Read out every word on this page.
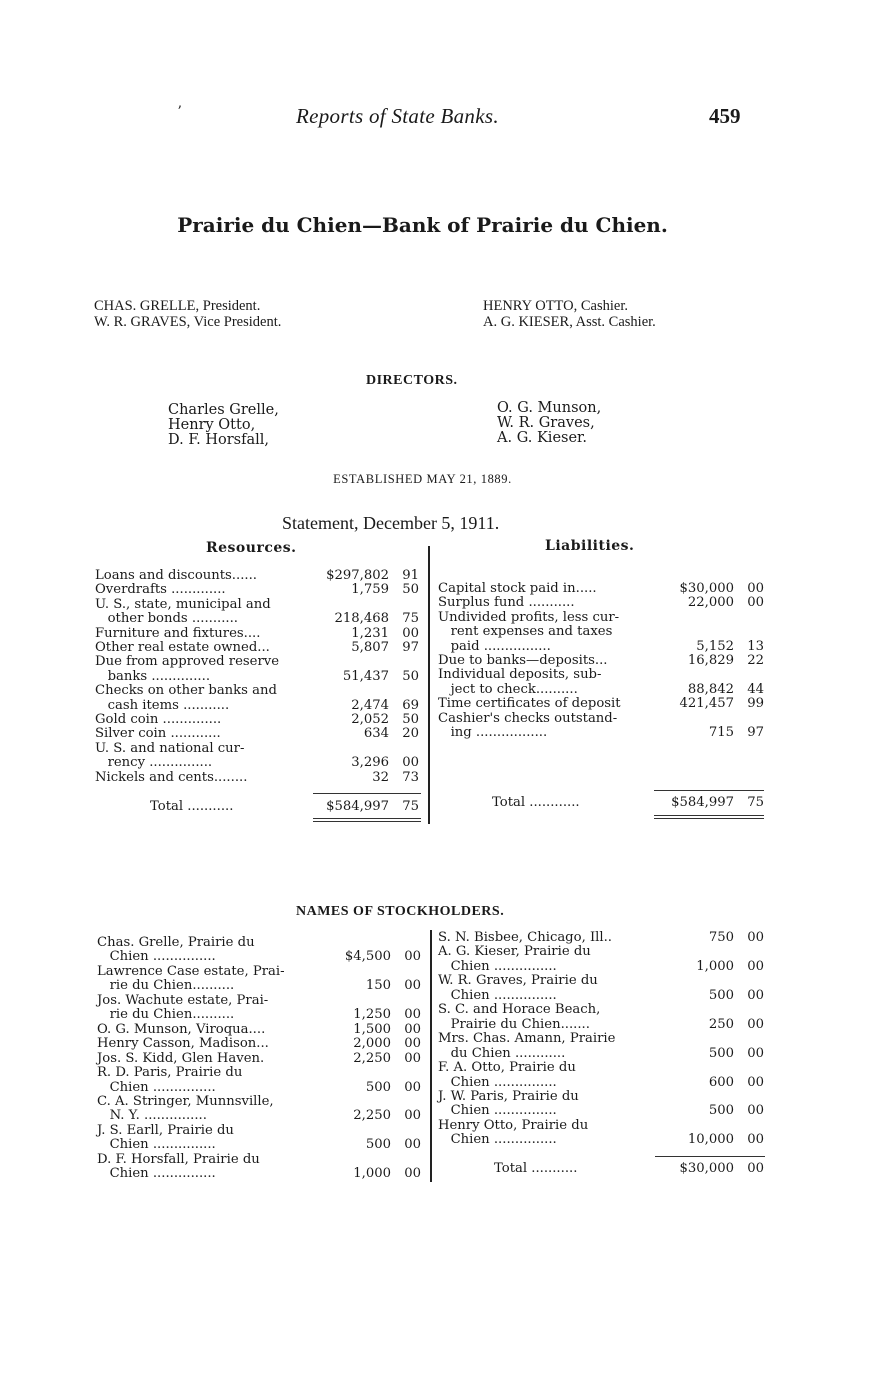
Reports of State Banks.	459
ʼ
Prairie du Chien—Bank of Prairie du Chien.
CHAS. GRELLE, President.
W. R. GRAVES, Vice President.
HENRY OTTO, Cashier.
A. G. KIESER, Asst. Cashier.
DIRECTORS.
Charles Grelle,
Henry Otto,
D. F. Horsfall,
O. G. Munson,
W. R. Graves,
A. G. Kieser.
ESTABLISHED MAY 21, 1889.
Statement, December 5, 1911.
Resources.	Liabilities.
Loans and discounts......	$297,802 91
Overdrafts .............	1,759 50
U. S., state, municipal and
other bonds ...........	218,468 75
Furniture and fixtures....	1,231 00
Other real estate owned...	5,807 97
Due from approved reserve
banks ..............	51,437 50
Checks on other banks and
cash items ...........	2,474 69
Gold coin ..............	2,052 50
Silver coin ............	634 20
U. S. and national cur-
rency ...............	3,296 00
Nickels and cents........	32 73
Total ...........	$584,997 75
Capital stock paid in.....	$30,000 00
Surplus fund ...........	22,000 00
Undivided profits, less cur-
rent expenses and taxes
paid ................	5,152 13
Due to banks—deposits...	16,829 22
Individual deposits, sub-
ject to check..........	88,842 44
Time certificates of deposit	421,457 99
Cashier's checks outstand-
ing .................	715 97
Total ............	$584,997 75
NAMES OF STOCKHOLDERS.
Chas. Grelle, Prairie du
Chien ...............	$4,500 00
Lawrence Case estate, Prai-
rie du Chien..........	150 00
Jos. Wachute estate, Prai-
rie du Chien..........	1,250 00
O. G. Munson, Viroqua....	1,500 00
Henry Casson, Madison...	2,000 00
Jos. S. Kidd, Glen Haven.	2,250 00
R. D. Paris, Prairie du
Chien ...............	500 00
C. A. Stringer, Munnsville,
N. Y. ...............	2,250 00
J. S. Earll, Prairie du
Chien ...............	500 00
D. F. Horsfall, Prairie du
Chien ...............	1,000 00
S. N. Bisbee, Chicago, Ill..	750 00
A. G. Kieser, Prairie du
Chien ...............	1,000 00
W. R. Graves, Prairie du
Chien ...............	500 00
S. C. and Horace Beach,
Prairie du Chien.......	250 00
Mrs. Chas. Amann, Prairie
du Chien ............	500 00
F. A. Otto, Prairie du
Chien ...............	600 00
J. W. Paris, Prairie du
Chien ...............	500 00
Henry Otto, Prairie du
Chien ...............	10,000 00
Total ...........	$30,000 00
